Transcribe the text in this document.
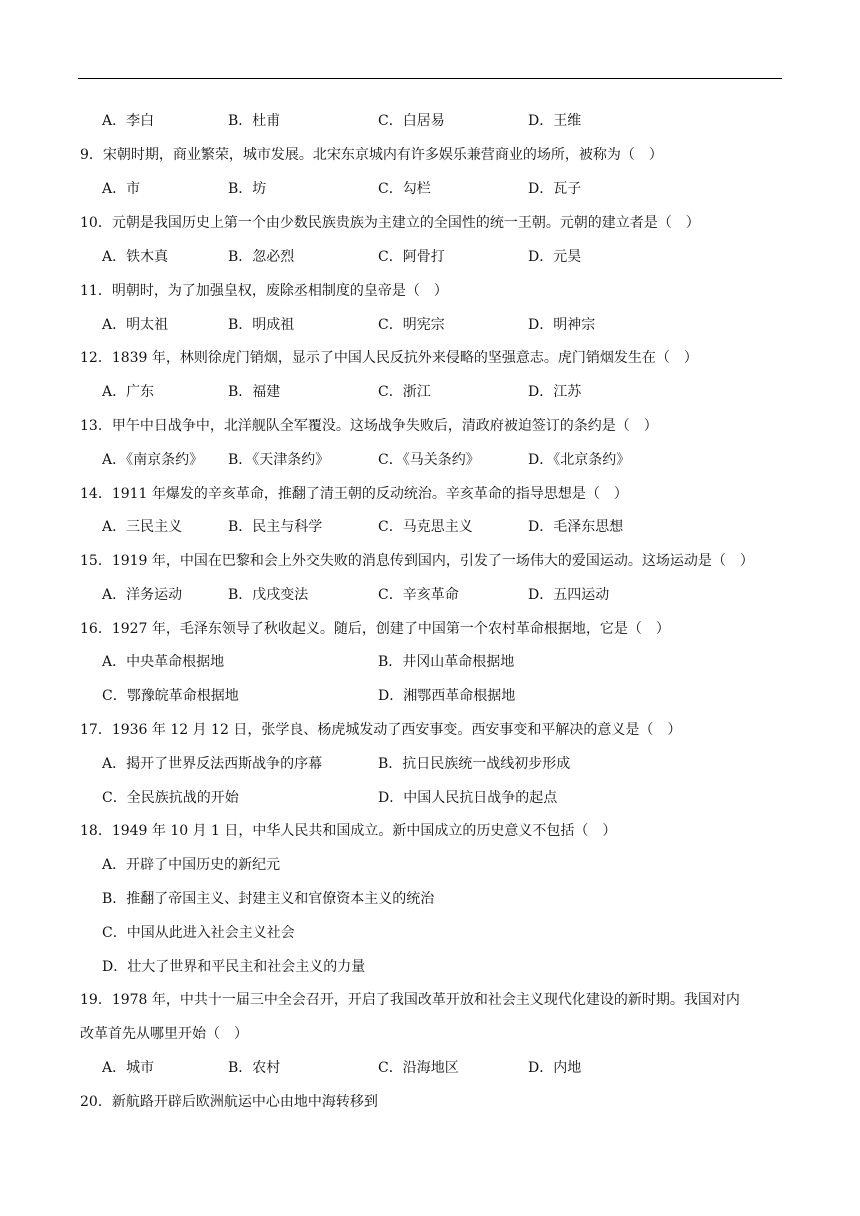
A．李白	B．杜甫	C．白居易	D．王维
9．宋朝时期，商业繁荣，城市发展。北宋东京城内有许多娱乐兼营商业的场所，被称为（　）
A．市	B．坊	C．勾栏	D．瓦子
10．元朝是我国历史上第一个由少数民族贵族为主建立的全国性的统一王朝。元朝的建立者是（　）
A．铁木真	B．忽必烈	C．阿骨打	D．元昊
11．明朝时，为了加强皇权，废除丞相制度的皇帝是（　）
A．明太祖	B．明成祖	C．明宪宗	D．明神宗
12．1839 年，林则徐虎门销烟，显示了中国人民反抗外来侵略的坚强意志。虎门销烟发生在（　）
A．广东	B．福建	C．浙江	D．江苏
13．甲午中日战争中，北洋舰队全军覆没。这场战争失败后，清政府被迫签订的条约是（　）
A．《南京条约》 B．《天津条约》	C．《马关条约》	D．《北京条约》
14．1911 年爆发的辛亥革命，推翻了清王朝的反动统治。辛亥革命的指导思想是（　）
A．三民主义	B．民主与科学	C．马克思主义	D．毛泽东思想
15．1919 年，中国在巴黎和会上外交失败的消息传到国内，引发了一场伟大的爱国运动。这场运动是（　）
A．洋务运动	B．戊戌变法	C．辛亥革命	D．五四运动
16．1927 年，毛泽东领导了秋收起义。随后，创建了中国第一个农村革命根据地，它是（　）
A．中央革命根据地	B．井冈山革命根据地
C．鄂豫皖革命根据地	D．湘鄂西革命根据地
17．1936 年 12 月 12 日，张学良、杨虎城发动了西安事变。西安事变和平解决的意义是（　）
A．揭开了世界反法西斯战争的序幕	B．抗日民族统一战线初步形成
C．全民族抗战的开始	D．中国人民抗日战争的起点
18．1949 年 10 月 1 日，中华人民共和国成立。新中国成立的历史意义不包括（　）
A．开辟了中国历史的新纪元
B．推翻了帝国主义、封建主义和官僚资本主义的统治
C．中国从此进入社会主义社会
D．壮大了世界和平民主和社会主义的力量
19．1978 年，中共十一届三中全会召开，开启了我国改革开放和社会主义现代化建设的新时期。我国对内
改革首先从哪里开始（　）
A．城市	B．农村	C．沿海地区	D．内地
20．新航路开辟后欧洲航运中心由地中海转移到
